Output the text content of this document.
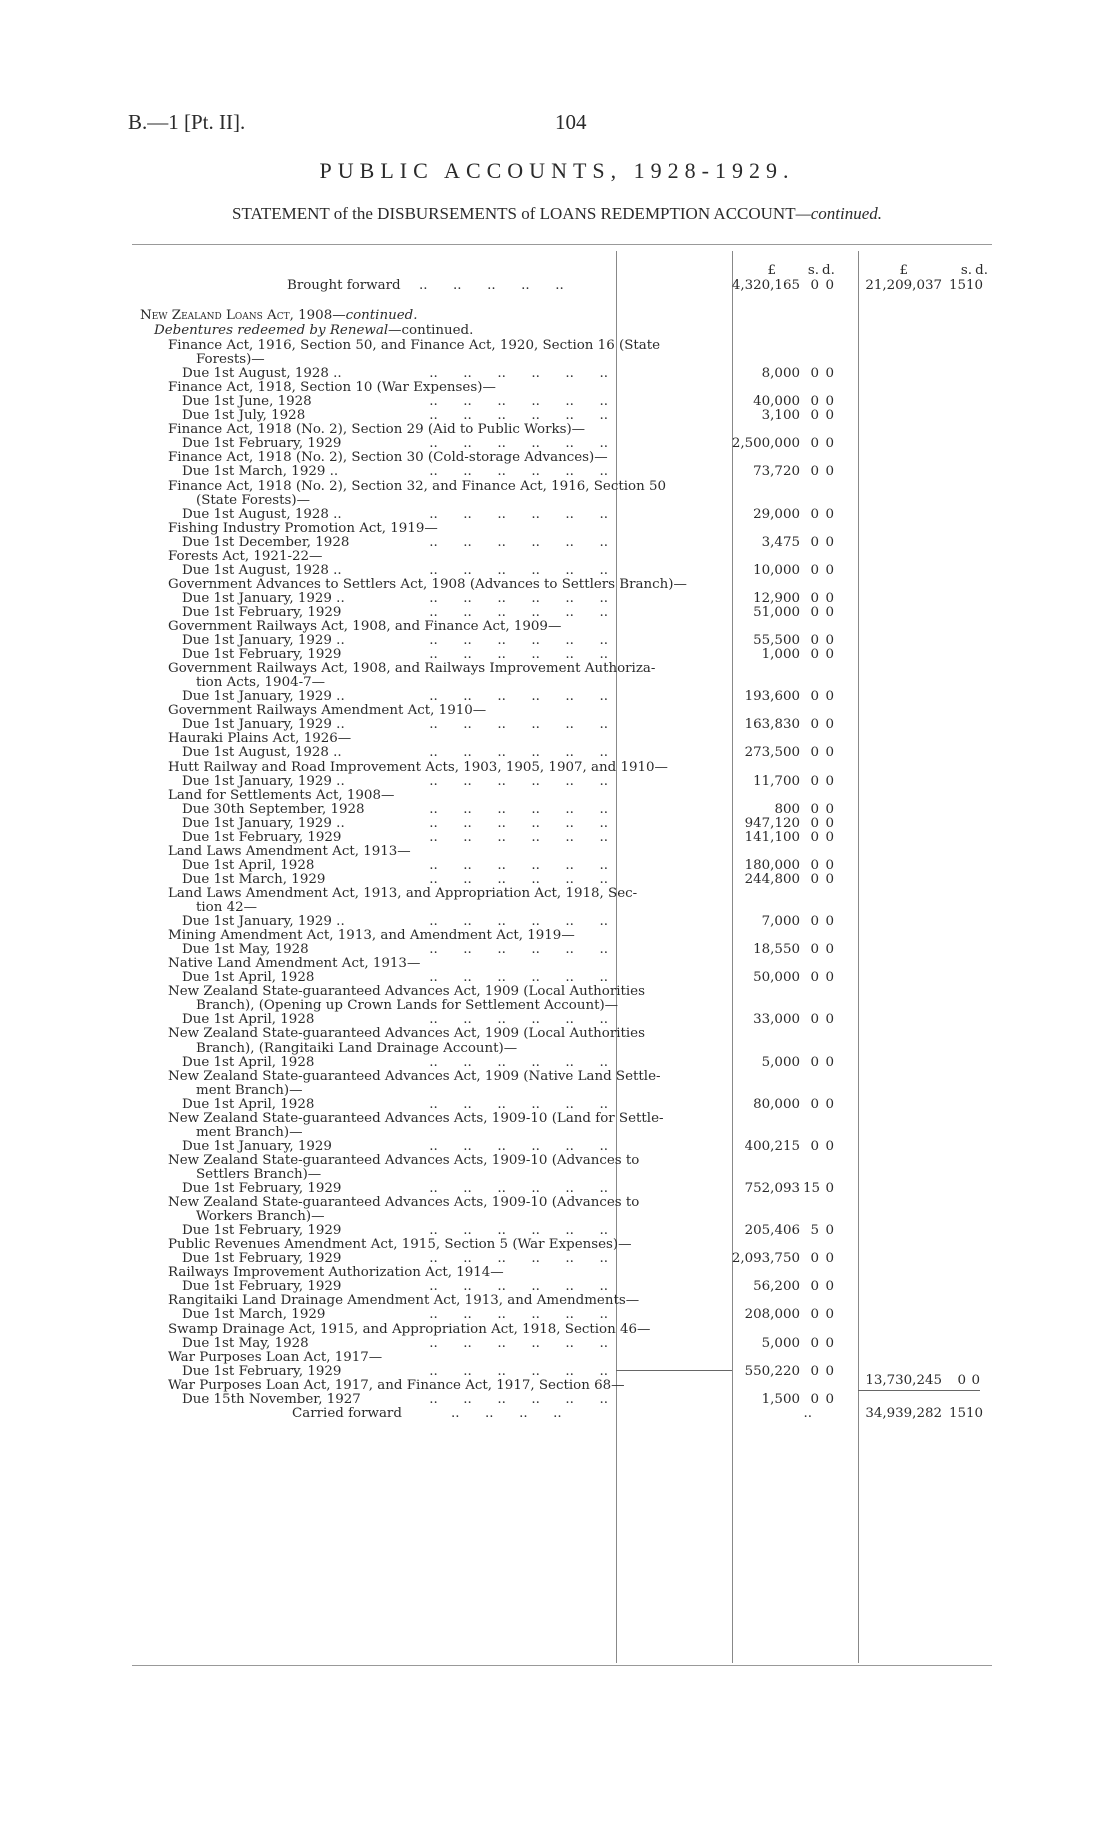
B.—1 [Pt. II].	104
PUBLIC ACCOUNTS, 1928-1929.
STATEMENT of the DISBURSEMENTS of LOANS REDEMPTION ACCOUNT—continued.
£	s. d.	£	s. d.
Brought forward ..      ..      ..      ..      ..	4,320,165 0 0 21,209,037 15 10
New Zealand Loans Act, 1908—continued.
Debentures redeemed by Renewal—continued.
Finance Act, 1916, Section 50, and Finance Act, 1920, Section 16 (State
Forests)—
Due 1st August, 1928 ..	..      ..      ..      ..      ..      ..	8,000 0 0
Finance Act, 1918, Section 10 (War Expenses)—
Due 1st June, 1928	..      ..      ..      ..      ..      ..	40,000 0 0
Due 1st July, 1928	..      ..      ..      ..      ..      ..	3,100 0 0
Finance Act, 1918 (No. 2), Section 29 (Aid to Public Works)—
Due 1st February, 1929	..      ..      ..      ..      ..      ..	2,500,000 0 0
Finance Act, 1918 (No. 2), Section 30 (Cold-storage Advances)—
Due 1st March, 1929 ..	..      ..      ..      ..      ..      ..	73,720 0 0
Finance Act, 1918 (No. 2), Section 32, and Finance Act, 1916, Section 50
(State Forests)—
Due 1st August, 1928 ..	..      ..      ..      ..      ..      ..	29,000 0 0
Fishing Industry Promotion Act, 1919—
Due 1st December, 1928	..      ..      ..      ..      ..      ..	3,475 0 0
Forests Act, 1921-22—
Due 1st August, 1928 ..	..      ..      ..      ..      ..      ..	10,000 0 0
Government Advances to Settlers Act, 1908 (Advances to Settlers Branch)—
Due 1st January, 1929 ..	..      ..      ..      ..      ..      ..	12,900 0 0
Due 1st February, 1929	..      ..      ..      ..      ..      ..	51,000 0 0
Government Railways Act, 1908, and Finance Act, 1909—
Due 1st January, 1929 ..	..      ..      ..      ..      ..      ..	55,500 0 0
Due 1st February, 1929	..      ..      ..      ..      ..      ..	1,000 0 0
Government Railways Act, 1908, and Railways Improvement Authoriza-
tion Acts, 1904-7—
Due 1st January, 1929 ..	..      ..      ..      ..      ..      ..	193,600 0 0
Government Railways Amendment Act, 1910—
Due 1st January, 1929 ..	..      ..      ..      ..      ..      ..	163,830 0 0
Hauraki Plains Act, 1926—
Due 1st August, 1928 ..	..      ..      ..      ..      ..      ..	273,500 0 0
Hutt Railway and Road Improvement Acts, 1903, 1905, 1907, and 1910—
Due 1st January, 1929 ..	..      ..      ..      ..      ..      ..	11,700 0 0
Land for Settlements Act, 1908—
Due 30th September, 1928	..      ..      ..      ..      ..      ..	800 0 0
Due 1st January, 1929 ..	..      ..      ..      ..      ..      ..	947,120 0 0
Due 1st February, 1929	..      ..      ..      ..      ..      ..	141,100 0 0
Land Laws Amendment Act, 1913—
Due 1st April, 1928	..      ..      ..      ..      ..      ..	180,000 0 0
Due 1st March, 1929	..      ..      ..      ..      ..      ..	244,800 0 0
Land Laws Amendment Act, 1913, and Appropriation Act, 1918, Sec-
tion 42—
Due 1st January, 1929 ..	..      ..      ..      ..      ..      ..	7,000 0 0
Mining Amendment Act, 1913, and Amendment Act, 1919—
Due 1st May, 1928	..      ..      ..      ..      ..      ..	18,550 0 0
Native Land Amendment Act, 1913—
Due 1st April, 1928	..      ..      ..      ..      ..      ..	50,000 0 0
New Zealand State-guaranteed Advances Act, 1909 (Local Authorities
Branch), (Opening up Crown Lands for Settlement Account)—
Due 1st April, 1928	..      ..      ..      ..      ..      ..	33,000 0 0
New Zealand State-guaranteed Advances Act, 1909 (Local Authorities
Branch), (Rangitaiki Land Drainage Account)—
Due 1st April, 1928	..      ..      ..      ..      ..      ..	5,000 0 0
New Zealand State-guaranteed Advances Act, 1909 (Native Land Settle-
ment Branch)—
Due 1st April, 1928	..      ..      ..      ..      ..      ..	80,000 0 0
New Zealand State-guaranteed Advances Acts, 1909-10 (Land for Settle-
ment Branch)—
Due 1st January, 1929	..      ..      ..      ..      ..      ..	400,215 0 0
New Zealand State-guaranteed Advances Acts, 1909-10 (Advances to
Settlers Branch)—
Due 1st February, 1929	..      ..      ..      ..      ..      ..	752,093 15 0
New Zealand State-guaranteed Advances Acts, 1909-10 (Advances to
Workers Branch)—
Due 1st February, 1929	..      ..      ..      ..      ..      ..	205,406 5 0
Public Revenues Amendment Act, 1915, Section 5 (War Expenses)—
Due 1st February, 1929	..      ..      ..      ..      ..      ..	2,093,750 0 0
Railways Improvement Authorization Act, 1914—
Due 1st February, 1929	..      ..      ..      ..      ..      ..	56,200 0 0
Rangitaiki Land Drainage Amendment Act, 1913, and Amendments—
Due 1st March, 1929	..      ..      ..      ..      ..      ..	208,000 0 0
Swamp Drainage Act, 1915, and Appropriation Act, 1918, Section 46—
Due 1st May, 1928	..      ..      ..      ..      ..      ..	5,000 0 0
War Purposes Loan Act, 1917—
Due 1st February, 1929	..      ..      ..      ..      ..      ..	550,220 0 0
War Purposes Loan Act, 1917, and Finance Act, 1917, Section 68—
Due 15th November, 1927	..      ..      ..      ..      ..      ..	1,500 0 0
13,730,245	0 0
Carried forward	..      ..      ..      ..	..	34,939,282 15 10
